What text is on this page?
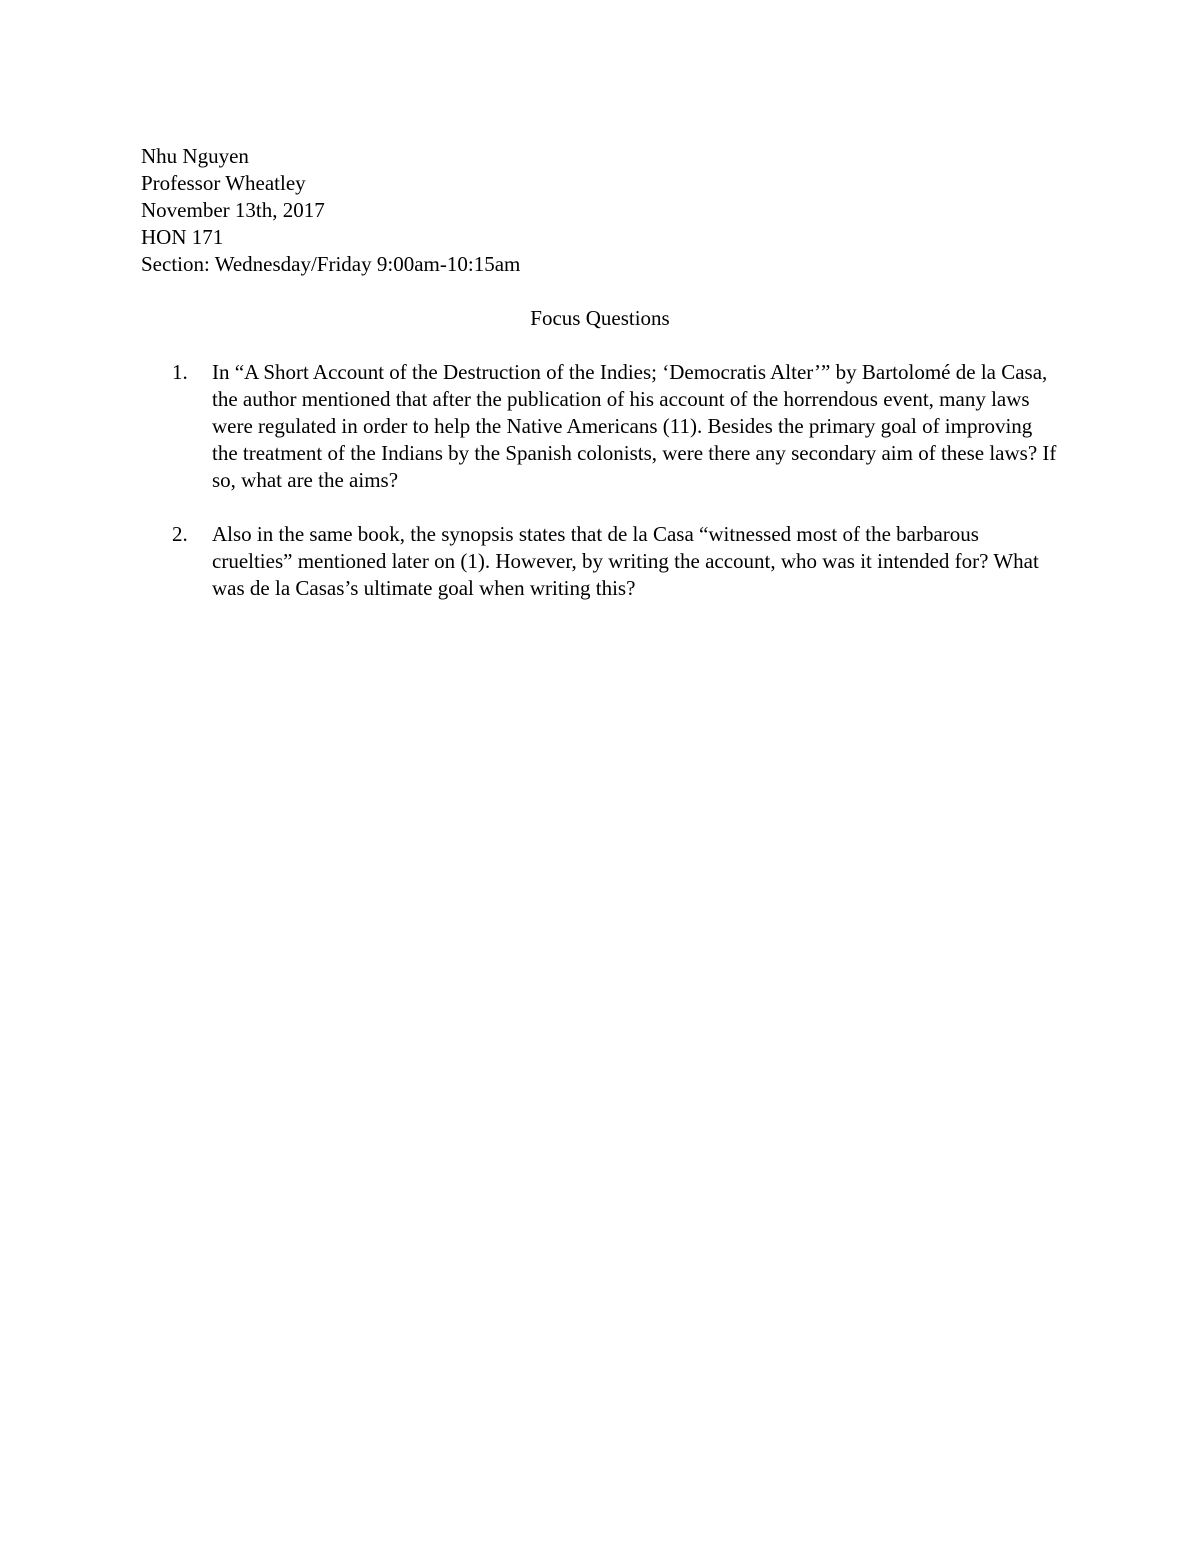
Nhu Nguyen
Professor Wheatley
November 13th, 2017
HON 171
Section: Wednesday/Friday 9:00am-10:15am
Focus Questions
1. In “A Short Account of the Destruction of the Indies; ‘Democratis Alter’” by Bartolomé de la Casa, the author mentioned that after the publication of his account of the horrendous event, many laws were regulated in order to help the Native Americans (11). Besides the primary goal of improving the treatment of the Indians by the Spanish colonists, were there any secondary aim of these laws? If so, what are the aims?
2. Also in the same book, the synopsis states that de la Casa “witnessed most of the barbarous cruelties” mentioned later on (1). However, by writing the account, who was it intended for? What was de la Casas’s ultimate goal when writing this?
